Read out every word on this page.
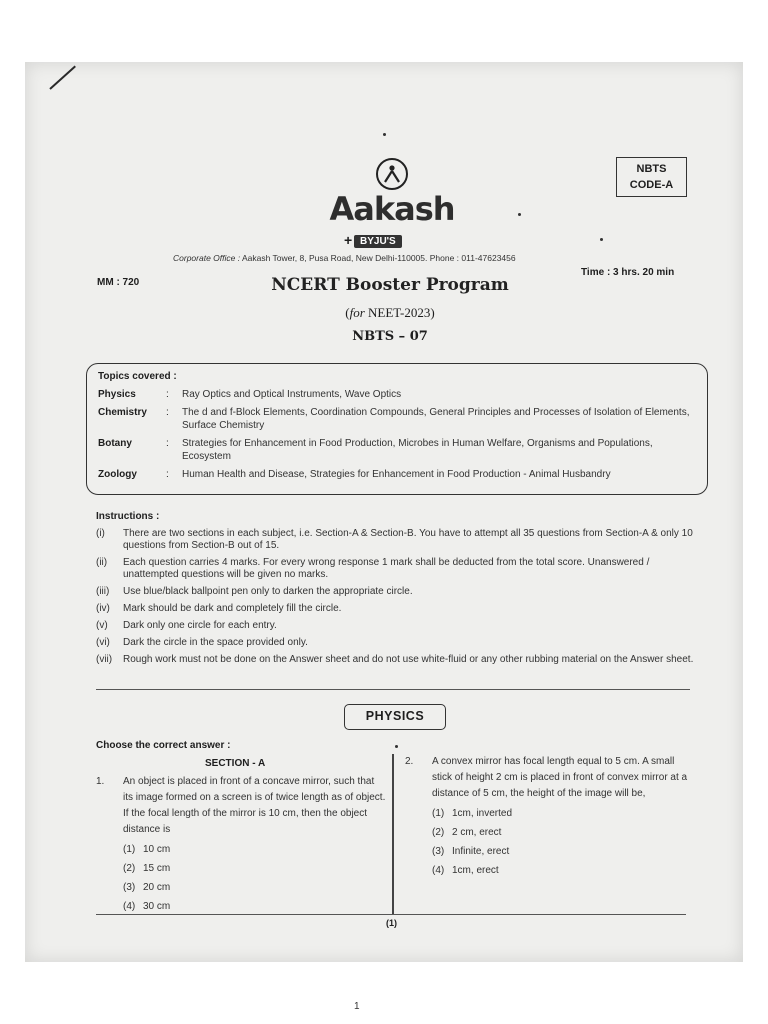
NBTS
CODE-A
Aakash
+ BYJU'S
Corporate Office : Aakash Tower, 8, Pusa Road, New Delhi-110005. Phone : 011-47623456
MM : 720
Time : 3 hrs. 20 min
NCERT Booster Program
(for NEET-2023)
NBTS – 07
Topics covered :
Physics	:	Ray Optics and Optical Instruments, Wave Optics
Chemistry	:	The d and f-Block Elements, Coordination Compounds, General Principles and Processes of Isolation of Elements, Surface Chemistry
Botany	:	Strategies for Enhancement in Food Production, Microbes in Human Welfare, Organisms and Populations, Ecosystem
Zoology	:	Human Health and Disease, Strategies for Enhancement in Food Production - Animal Husbandry
Instructions :
(i)	There are two sections in each subject, i.e. Section-A & Section-B. You have to attempt all 35 questions from Section-A & only 10 questions from Section-B out of 15.
(ii)	Each question carries 4 marks. For every wrong response 1 mark shall be deducted from the total score. Unanswered / unattempted questions will be given no marks.
(iii)	Use blue/black ballpoint pen only to darken the appropriate circle.
(iv)	Mark should be dark and completely fill the circle.
(v)	Dark only one circle for each entry.
(vi)	Dark the circle in the space provided only.
(vii)	Rough work must not be done on the Answer sheet and do not use white-fluid or any other rubbing material on the Answer sheet.
PHYSICS
Choose the correct answer :
SECTION - A
1. An object is placed in front of a concave mirror, such that its image formed on a screen is of twice length as of object. If the focal length of the mirror is 10 cm, then the object distance is
(1) 10 cm
(2) 15 cm
(3) 20 cm
(4) 30 cm
2. A convex mirror has focal length equal to 5 cm. A small stick of height 2 cm is placed in front of convex mirror at a distance of 5 cm, the height of the image will be,
(1) 1cm, inverted
(2) 2 cm, erect
(3) Infinite, erect
(4) 1cm, erect
(1)
1
